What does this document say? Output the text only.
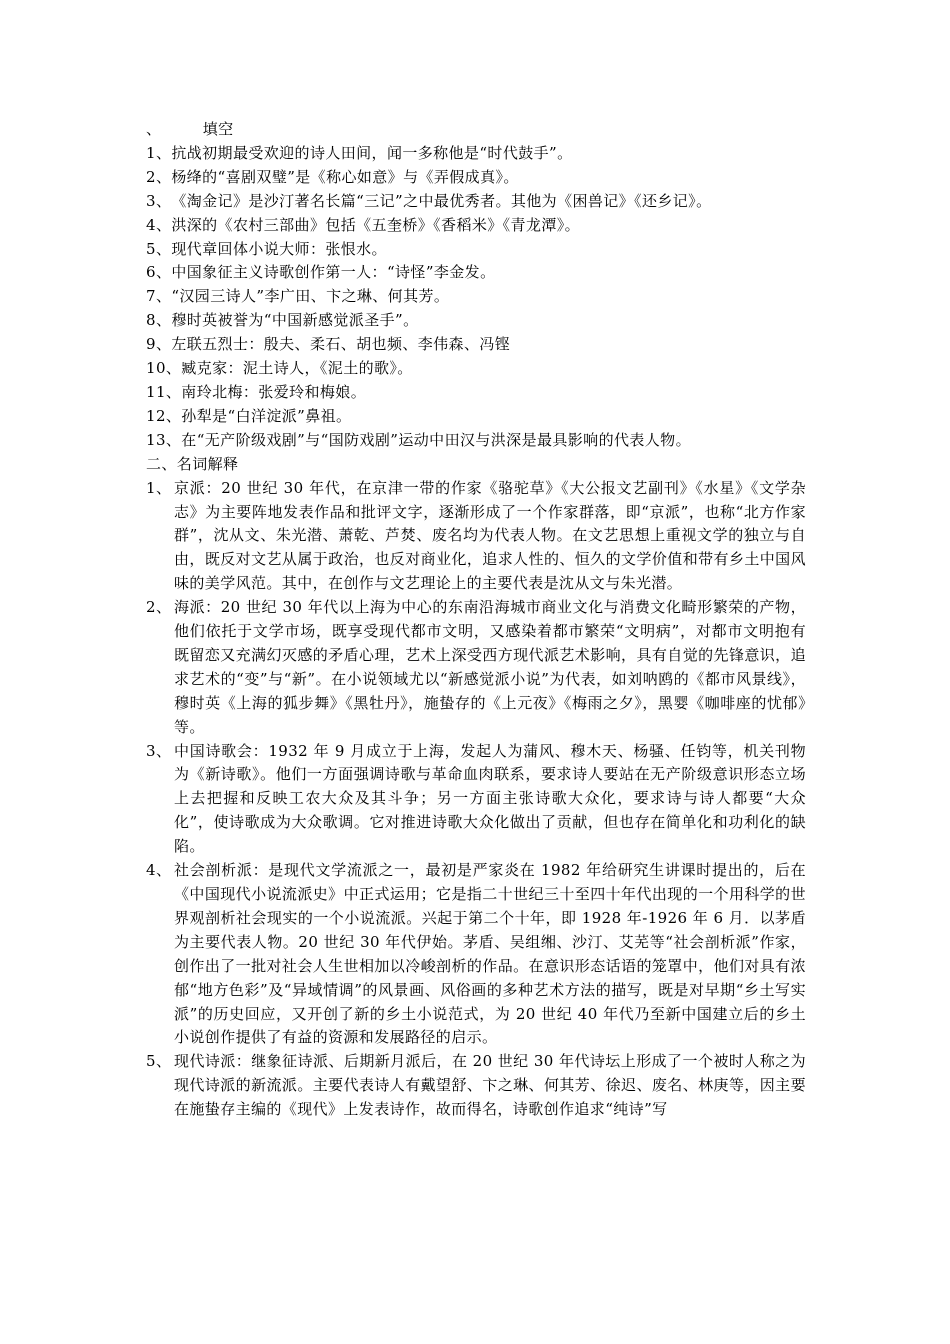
、	填空
1、 抗战初期最受欢迎的诗人田间，闻一多称他是“时代鼓手”。
2、 杨绛的“喜剧双璧”是《称心如意》与《弄假成真》。
3、 《淘金记》是沙汀著名长篇“三记”之中最优秀者。其他为《困兽记》《还乡记》。
4、 洪深的《农村三部曲》包括《五奎桥》《香稻米》《青龙潭》。
5、 现代章回体小说大师：张恨水。
6、 中国象征主义诗歌创作第一人：“诗怪”李金发。
7、 “汉园三诗人”李广田、卞之琳、何其芳。
8、 穆时英被誉为“中国新感觉派圣手”。
9、 左联五烈士：殷夫、柔石、胡也频、李伟森、冯铿
10、 臧克家：泥土诗人，《泥土的歌》。
11、 南玲北梅：张爱玲和梅娘。
12、 孙犁是“白洋淀派”鼻祖。
13、 在“无产阶级戏剧”与“国防戏剧”运动中田汉与洪深是最具影响的代表人物。
二、名词解释
1、 京派：20 世纪 30 年代，在京津一带的作家《骆驼草》《大公报文艺副刊》《水星》《文学杂志》为主要阵地发表作品和批评文字，逐渐形成了一个作家群落，即“京派”，也称“北方作家群”，沈从文、朱光潜、萧乾、芦焚、废名均为代表人物。在文艺思想上重视文学的独立与自由，既反对文艺从属于政治，也反对商业化，追求人性的、恒久的文学价值和带有乡土中国风味的美学风范。其中，在创作与文艺理论上的主要代表是沈从文与朱光潜。
2、 海派：20 世纪 30 年代以上海为中心的东南沿海城市商业文化与消费文化畸形繁荣的产物，他们依托于文学市场，既享受现代都市文明，又感染着都市繁荣“文明病”，对都市文明抱有既留恋又充满幻灭感的矛盾心理，艺术上深受西方现代派艺术影响，具有自觉的先锋意识，追求艺术的“变”与“新”。在小说领域尤以“新感觉派小说”为代表，如刘呐鸥的《都市风景线》，穆时英《上海的狐步舞》《黑牡丹》，施蛰存的《上元夜》《梅雨之夕》，黑婴《咖啡座的忧郁》等。
3、 中国诗歌会：1932 年 9 月成立于上海，发起人为蒲风、穆木天、杨骚、任钧等，机关刊物为《新诗歌》。他们一方面强调诗歌与革命血肉联系，要求诗人要站在无产阶级意识形态立场上去把握和反映工农大众及其斗争；另一方面主张诗歌大众化，要求诗与诗人都要“大众化”，使诗歌成为大众歌调。它对推进诗歌大众化做出了贡献，但也存在简单化和功利化的缺陷。
4、 社会剖析派：是现代文学流派之一，最初是严家炎在 1982 年给研究生讲课时提出的，后在《中国现代小说流派史》中正式运用；它是指二十世纪三十至四十年代出现的一个用科学的世界观剖析社会现实的一个小说流派。兴起于第二个十年，即 1928 年-1926 年 6 月．以茅盾为主要代表人物。20 世纪 30 年代伊始。茅盾、吴组缃、沙汀、艾芜等“社会剖析派”作家，创作出了一批对社会人生世相加以冷峻剖析的作品。在意识形态话语的笼罩中，他们对具有浓郁“地方色彩”及“异域情调”的风景画、风俗画的多种艺术方法的描写，既是对早期“乡土写实派”的历史回应，又开创了新的乡土小说范式，为 20 世纪 40 年代乃至新中国建立后的乡土小说创作提供了有益的资源和发展路径的启示。
5、 现代诗派：继象征诗派、后期新月派后，在 20 世纪 30 年代诗坛上形成了一个被时人称之为现代诗派的新流派。主要代表诗人有戴望舒、卞之琳、何其芳、徐迟、废名、林庚等，因主要在施蛰存主编的《现代》上发表诗作，故而得名，诗歌创作追求“纯诗”写
